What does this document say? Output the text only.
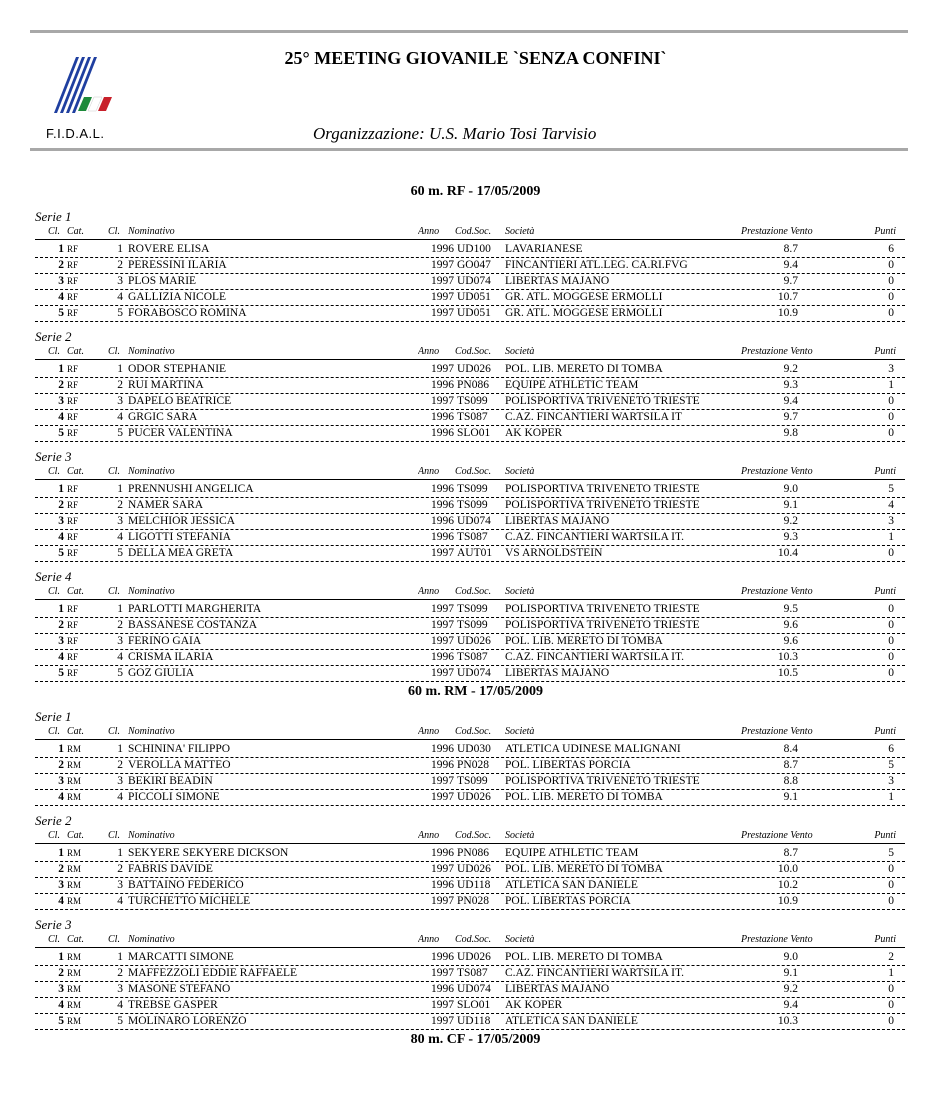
25° MEETING GIOVANILE `SENZA CONFINI`
F.I.D.A.L.	Organizzazione: U.S. Mario Tosi Tarvisio
60 m. RF - 17/05/2009
Serie 1
Cl. Cat.	Cl. Nominativo	Anno	Cod.Soc.	Società	Prestazione Vento	Punti
1 RF	1 ROVERE ELISA	1996 UD100	LAVARIANESE	8.7	6
2 RF	2 PERESSINI ILARIA	1997 GO047	FINCANTIERI ATL.LEG. CA.RI.FVG	9.4	0
3 RF	3 PLOS MARIE	1997 UD074	LIBERTAS MAJANO	9.7	0
4 RF	4 GALLIZIA NICOLE	1997 UD051	GR. ATL. MOGGESE ERMOLLI	10.7	0
5 RF	5 FORABOSCO ROMINA	1997 UD051	GR. ATL. MOGGESE ERMOLLI	10.9	0
Serie 2
Cl. Cat.	Cl. Nominativo	Anno	Cod.Soc.	Società	Prestazione Vento	Punti
1 RF	1 ODOR STEPHANIE	1997 UD026	POL. LIB. MERETO DI TOMBA	9.2	3
2 RF	2 RUI MARTINA	1996 PN086	EQUIPE ATHLETIC TEAM	9.3	1
3 RF	3 DAPELO BEATRICE	1997 TS099	POLISPORTIVA TRIVENETO TRIESTE	9.4	0
4 RF	4 GRGIC SARA	1996 TS087	C.AZ. FINCANTIERI WARTSILA IT	9.7	0
5 RF	5 PUCER VALENTINA	1996 SLO01	AK KOPER	9.8	0
Serie 3
Cl. Cat.	Cl. Nominativo	Anno	Cod.Soc.	Società	Prestazione Vento	Punti
1 RF	1 PRENNUSHI ANGELICA	1996 TS099	POLISPORTIVA TRIVENETO TRIESTE	9.0	5
2 RF	2 NAMER SARA	1996 TS099	POLISPORTIVA TRIVENETO TRIESTE	9.1	4
3 RF	3 MELCHIOR JESSICA	1996 UD074	LIBERTAS MAJANO	9.2	3
4 RF	4 LIGOTTI STEFANIA	1996 TS087	C.AZ. FINCANTIERI WARTSILA IT.	9.3	1
5 RF	5 DELLA MEA GRETA	1997 AUT01	VS ARNOLDSTEIN	10.4	0
Serie 4
Cl. Cat.	Cl. Nominativo	Anno	Cod.Soc.	Società	Prestazione Vento	Punti
1 RF	1 PARLOTTI MARGHERITA	1997 TS099	POLISPORTIVA TRIVENETO TRIESTE	9.5	0
2 RF	2 BASSANESE COSTANZA	1997 TS099	POLISPORTIVA TRIVENETO TRIESTE	9.6	0
3 RF	3 FERINO GAIA	1997 UD026	POL. LIB. MERETO DI TOMBA	9.6	0
4 RF	4 CRISMA ILARIA	1996 TS087	C.AZ. FINCANTIERI WARTSILA IT.	10.3	0
5 RF	5 GOZ GIULIA	1997 UD074	LIBERTAS MAJANO	10.5	0
60 m. RM - 17/05/2009
Serie 1
Cl. Cat.	Cl. Nominativo	Anno	Cod.Soc.	Società	Prestazione Vento	Punti
1 RM	1 SCHININA' FILIPPO	1996 UD030	ATLETICA UDINESE MALIGNANI	8.4	6
2 RM	2 VEROLLA MATTEO	1996 PN028	POL. LIBERTAS PORCIA	8.7	5
3 RM	3 BEKIRI BEADIN	1997 TS099	POLISPORTIVA TRIVENETO TRIESTE	8.8	3
4 RM	4 PICCOLI SIMONE	1997 UD026	POL. LIB. MERETO DI TOMBA	9.1	1
Serie 2
Cl. Cat.	Cl. Nominativo	Anno	Cod.Soc.	Società	Prestazione Vento	Punti
1 RM	1 SEKYERE SEKYERE DICKSON	1996 PN086	EQUIPE ATHLETIC TEAM	8.7	5
2 RM	2 FABRIS DAVIDE	1997 UD026	POL. LIB. MERETO DI TOMBA	10.0	0
3 RM	3 BATTAINO FEDERICO	1996 UD118	ATLETICA SAN DANIELE	10.2	0
4 RM	4 TURCHETTO MICHELE	1997 PN028	POL. LIBERTAS PORCIA	10.9	0
Serie 3
Cl. Cat.	Cl. Nominativo	Anno	Cod.Soc.	Società	Prestazione Vento	Punti
1 RM	1 MARCATTI SIMONE	1996 UD026	POL. LIB. MERETO DI TOMBA	9.0	2
2 RM	2 MAFFEZZOLI EDDIE RAFFAELE	1997 TS087	C.AZ. FINCANTIERI WARTSILA IT.	9.1	1
3 RM	3 MASONE STEFANO	1996 UD074	LIBERTAS MAJANO	9.2	0
4 RM	4 TREBSE GASPER	1997 SLO01	AK KOPER	9.4	0
5 RM	5 MOLINARO LORENZO	1997 UD118	ATLETICA SAN DANIELE	10.3	0
80 m. CF - 17/05/2009
